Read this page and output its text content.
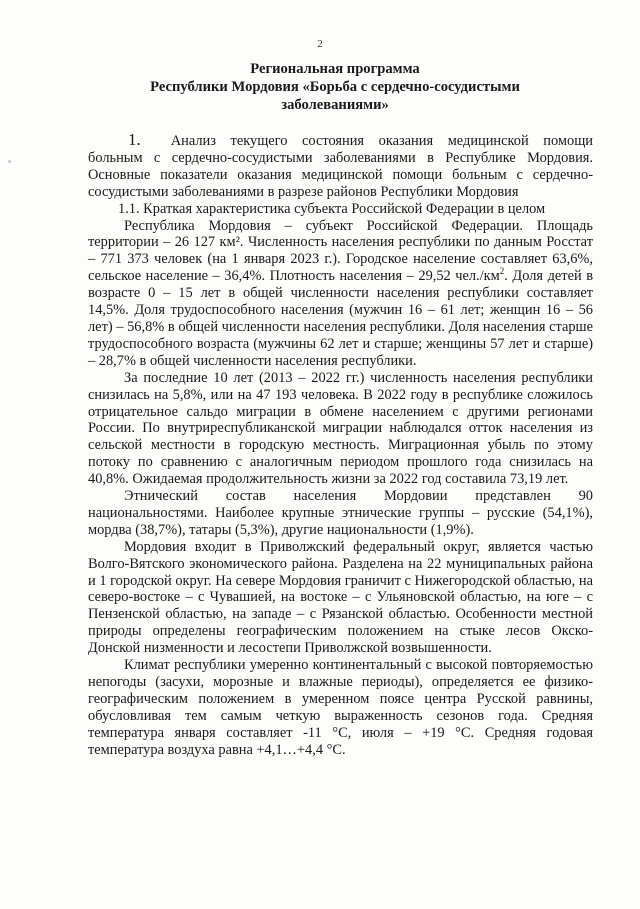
2
Региональная программа
Республики Мордовия «Борьба с сердечно-сосудистыми
заболеваниями»

1. Анализ текущего состояния оказания медицинской помощи больным с сердечно-сосудистыми заболеваниями в Республике Мордовия. Основные показатели оказания медицинской помощи больным с сердечно-сосудистыми заболеваниями в разрезе районов Республики Мордовия

1.1. Краткая характеристика субъекта Российской Федерации в целом

Республика Мордовия – субъект Российской Федерации. Площадь территории – 26 127 км². Численность населения республики по данным Росстат – 771 373 человек (на 1 января 2023 г.). Городское население составляет 63,6%, сельское население – 36,4%. Плотность населения – 29,52 $чел./км^2$. Доля детей в возрасте 0 – 15 лет в общей численности населения республики составляет 14,5%. Доля трудоспособного населения (мужчин 16 – 61 лет; женщин 16 – 56 лет) – 56,8% в общей численности населения республики. Доля населения старше трудоспособного возраста (мужчины 62 лет и старше; женщины 57 лет и старше) – 28,7% в общей численности населения республики.

За последние 10 лет (2013 – 2022 гг.) численность населения республики снизилась на 5,8%, или на 47 193 человека. В 2022 году в республике сложилось отрицательное сальдо миграции в обмене населением с другими регионами России. По внутриреспубликанской миграции наблюдался отток населения из сельской местности в городскую местность. Миграционная убыль по этому потоку по сравнению с аналогичным периодом прошлого года снизилась на 40,8%. Ожидаемая продолжительность жизни за 2022 год составила 73,19 лет.

Этнический состав населения Мордовии представлен 90 национальностями. Наиболее крупные этнические группы – русские (54,1%), мордва (38,7%), татары (5,3%), другие национальности (1,9%).

Мордовия входит в Приволжский федеральный округ, является частью Волго-Вятского экономического района. Разделена на 22 муниципальных района и 1 городской округ. На севере Мордовия граничит с Нижегородской областью, на северо-востоке – с Чувашией, на востоке – с Ульяновской областью, на юге – с Пензенской областью, на западе – с Рязанской областью. Особенности местной природы определены географическим положением на стыке лесов Окско-Донской низменности и лесостепи Приволжской возвышенности.

Климат республики умеренно континентальный с высокой повторяемостью непогоды (засухи, морозные и влажные периоды), определяется ее физико-географическим положением в умеренном поясе центра Русской равнины, обусловливая тем самым четкую выраженность сезонов года. Средняя температура января составляет -11 °С, июля – +19 °С. Средняя годовая температура воздуха равна +4,1…+4,4 °С.
